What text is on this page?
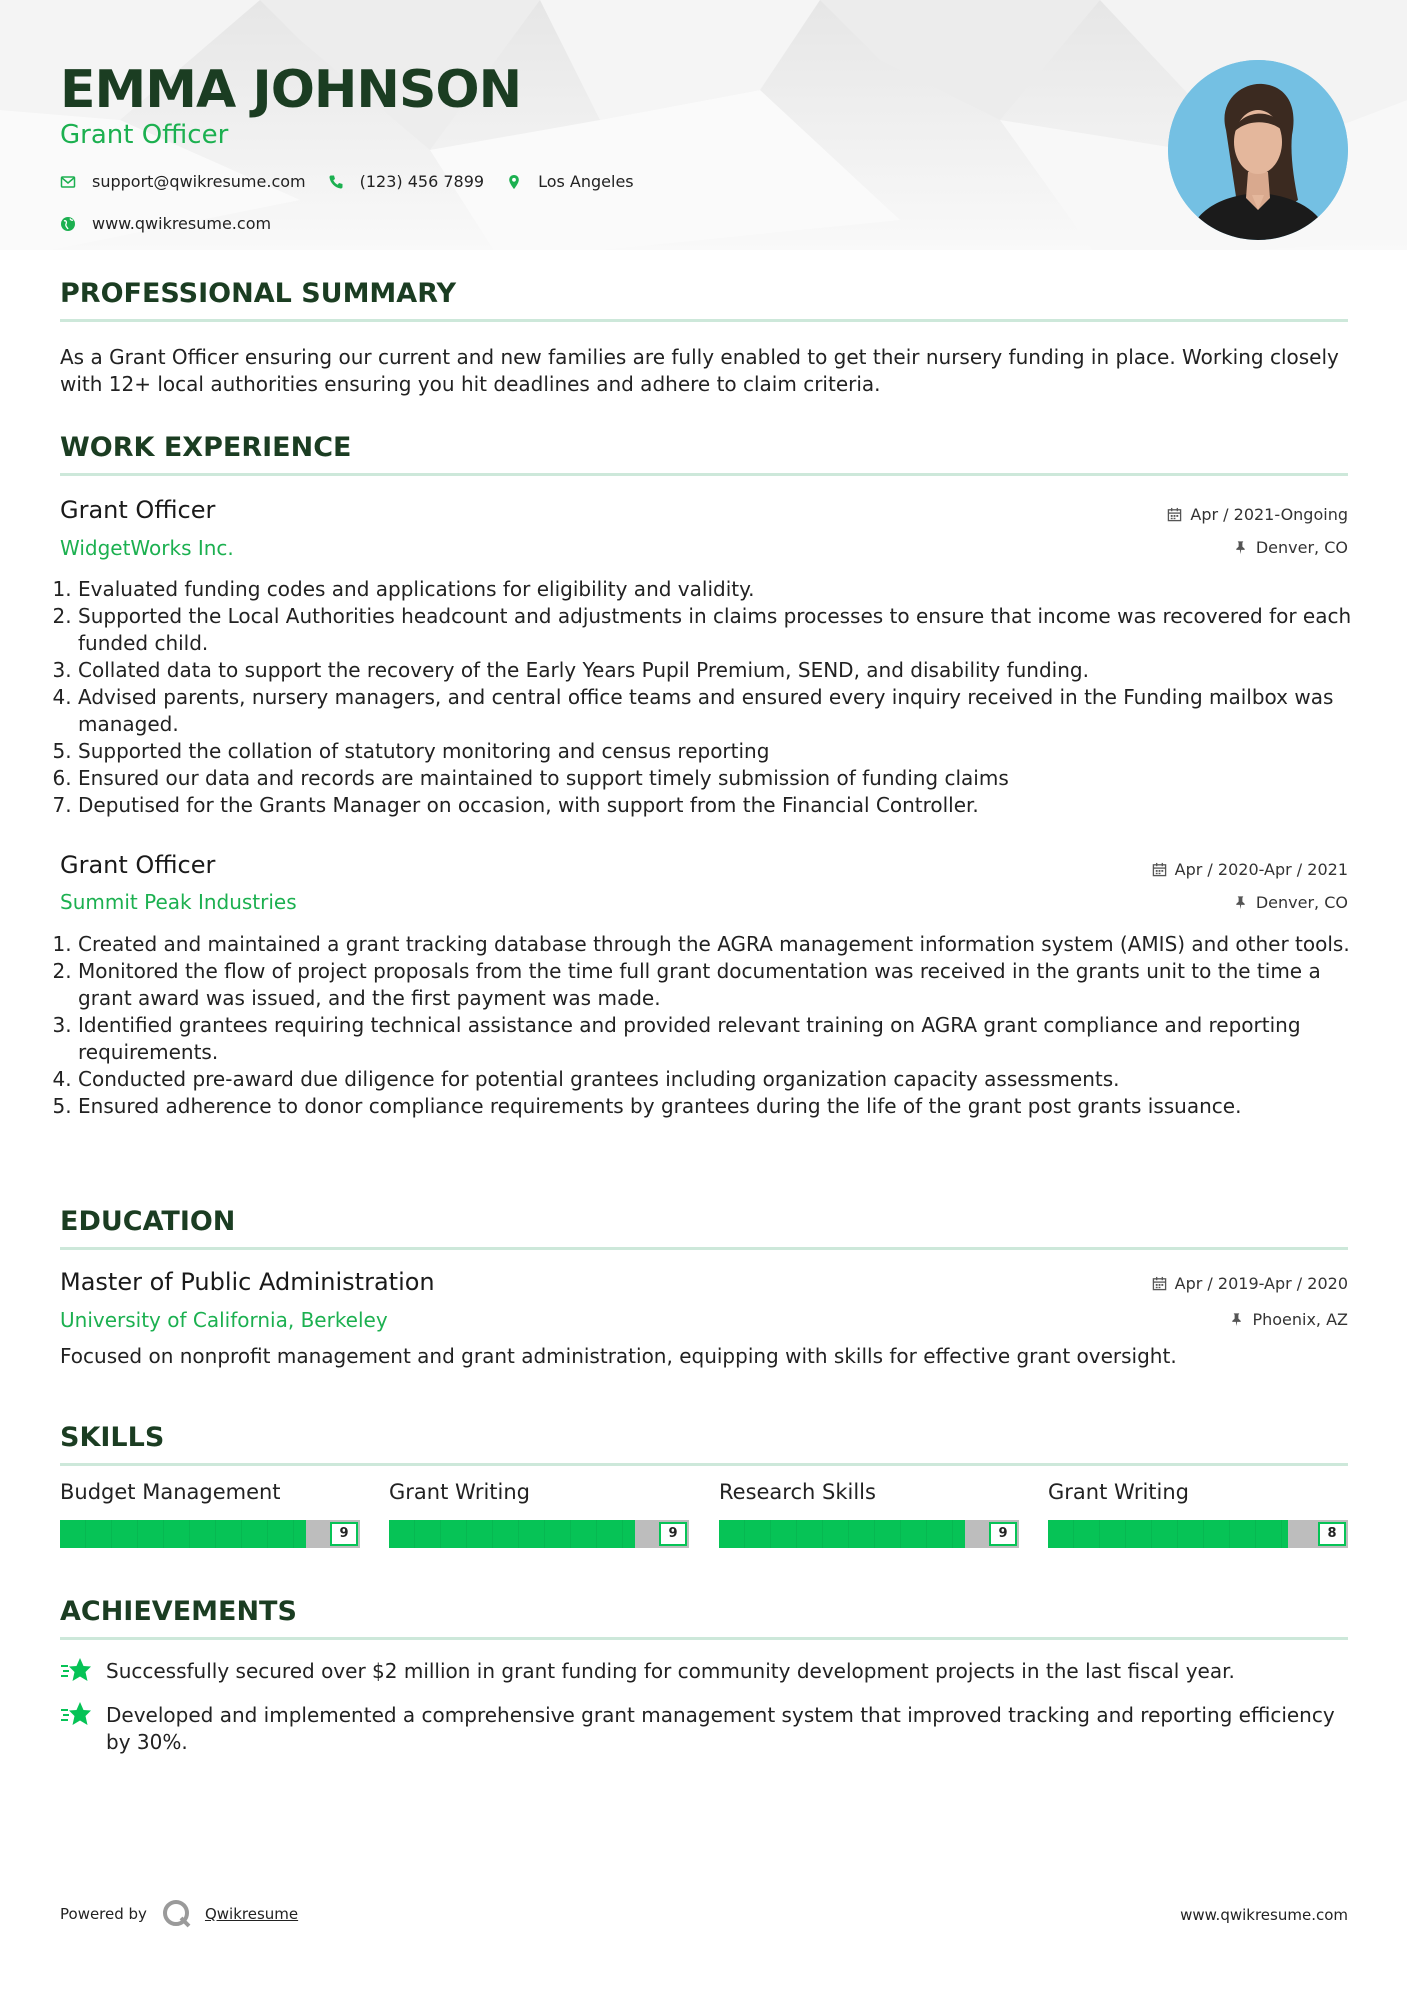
EMMA JOHNSON
Grant Officer
support@qwikresume.com	(123) 456 7899	Los Angeles
www.qwikresume.com
PROFESSIONAL SUMMARY

As a Grant Officer ensuring our current and new families are fully enabled to get their nursery funding in place. Working closely with 12+ local authorities ensuring you hit deadlines and adhere to claim criteria.

WORK EXPERIENCE
Grant Officer	Apr / 2021-Ongoing
WidgetWorks Inc.	Denver, CO
1. Evaluated funding codes and applications for eligibility and validity.
2. Supported the Local Authorities headcount and adjustments in claims processes to ensure that income was recovered for each funded child.
3. Collated data to support the recovery of the Early Years Pupil Premium, SEND, and disability funding.
4. Advised parents, nursery managers, and central office teams and ensured every inquiry received in the Funding mailbox was managed.
5. Supported the collation of statutory monitoring and census reporting
6. Ensured our data and records are maintained to support timely submission of funding claims
7. Deputised for the Grants Manager on occasion, with support from the Financial Controller.
Grant Officer	Apr / 2020-Apr / 2021
Summit Peak Industries	Denver, CO
1. Created and maintained a grant tracking database through the AGRA management information system (AMIS) and other tools.
2. Monitored the flow of project proposals from the time full grant documentation was received in the grants unit to the time a grant award was issued, and the first payment was made.
3. Identified grantees requiring technical assistance and provided relevant training on AGRA grant compliance and reporting requirements.
4. Conducted pre-award due diligence for potential grantees including organization capacity assessments.
5. Ensured adherence to donor compliance requirements by grantees during the life of the grant post grants issuance.
EDUCATION
Master of Public Administration	Apr / 2019-Apr / 2020
University of California, Berkeley	Phoenix, AZ

Focused on nonprofit management and grant administration, equipping with skills for effective grant oversight.

SKILLS
Budget Management
9
Grant Writing
9
Research Skills
9
Grant Writing
8
ACHIEVEMENTS
Successfully secured over $2 million in grant funding for community development projects in the last fiscal year.
Developed and implemented a comprehensive grant management system that improved tracking and reporting efficiency by 30%.
Powered by	Qwikresume	www.qwikresume.com
